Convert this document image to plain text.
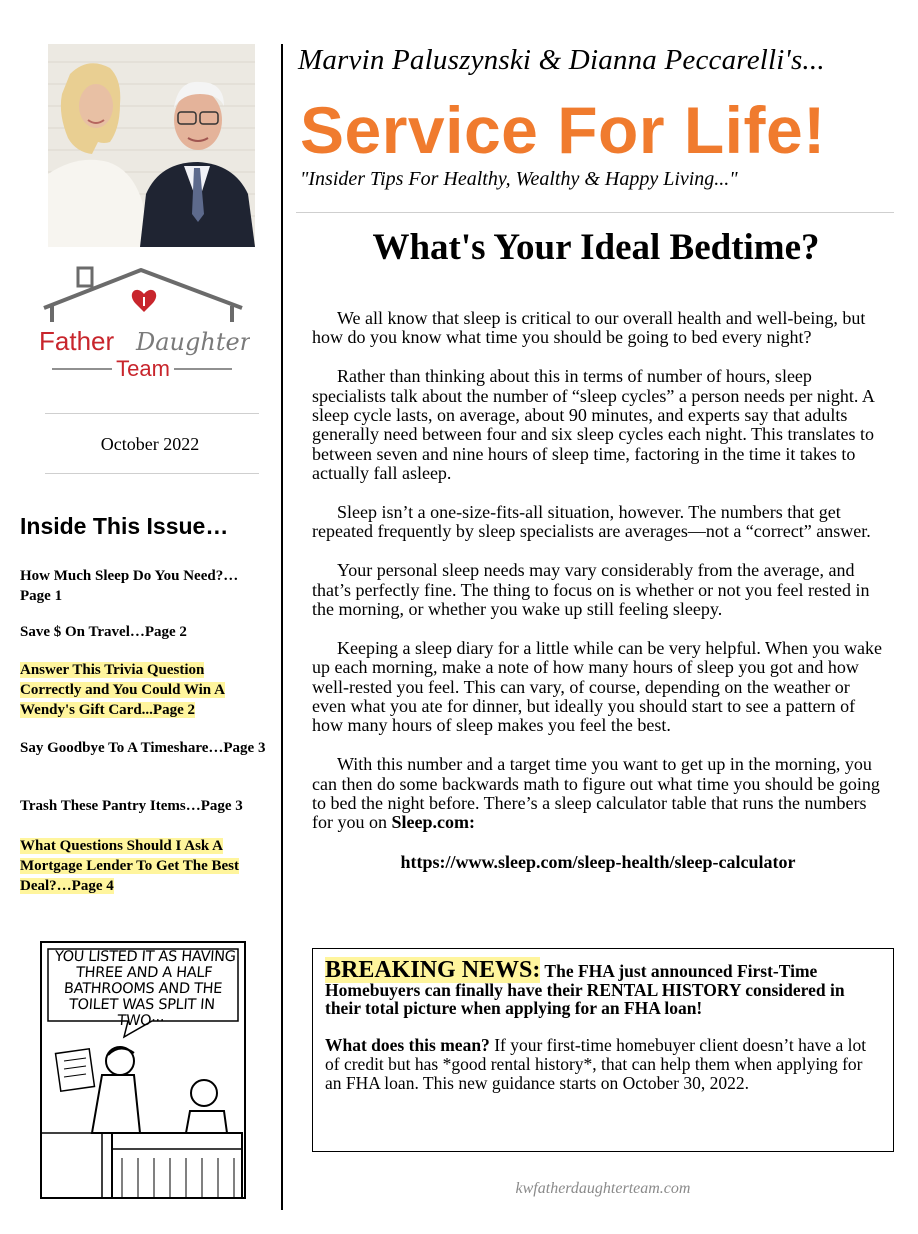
Father Daughter
Team
October 2022
Inside This Issue…

How Much Sleep Do You Need?…Page 1

Save $ On Travel…Page 2

Answer This Trivia Question Correctly and You Could Win A Wendy's Gift Card...Page 2

Say Goodbye To A Timeshare…Page 3

Trash These Pantry Items…Page 3

What Questions Should I Ask A Mortgage Lender To Get The Best Deal?…Page 4

YOU LISTED IT AS HAVING THREE AND A HALF BATHROOMS AND THE TOILET WAS SPLIT IN TWO···
Marvin Paluszynski & Dianna Peccarelli's...
Service For Life!
"Insider Tips For Healthy, Wealthy & Happy Living..."
What's Your Ideal Bedtime?

We all know that sleep is critical to our overall health and well-being, but how do you know what time you should be going to bed every night?

Rather than thinking about this in terms of number of hours, sleep specialists talk about the number of “sleep cycles” a person needs per night. A sleep cycle lasts, on average, about 90 minutes, and experts say that adults generally need between four and six sleep cycles each night. This translates to between seven and nine hours of sleep time, factoring in the time it takes to actually fall asleep.

Sleep isn’t a one-size-fits-all situation, however. The numbers that get repeated frequently by sleep specialists are averages—not a “correct” answer.

Your personal sleep needs may vary considerably from the average, and that’s perfectly fine. The thing to focus on is whether or not you feel rested in the morning, or whether you wake up still feeling sleepy.

Keeping a sleep diary for a little while can be very helpful. When you wake up each morning, make a note of how many hours of sleep you got and how well-rested you feel. This can vary, of course, depending on the weather or even what you ate for dinner, but ideally you should start to see a pattern of how many hours of sleep makes you feel the best.

With this number and a target time you want to get up in the morning, you can then do some backwards math to figure out what time you should be going to bed the night before. There’s a sleep calculator table that runs the numbers for you on Sleep.com:

https://www.sleep.com/sleep-health/sleep-calculator

BREAKING NEWS: The FHA just announced First-Time Homebuyers can finally have their RENTAL HISTORY considered in their total picture when applying for an FHA loan!

What does this mean? If your first-time homebuyer client doesn’t have a lot of credit but has *good rental history*, that can help them when applying for an FHA loan. This new guidance starts on October 30, 2022.

kwfatherdaughterteam.com
